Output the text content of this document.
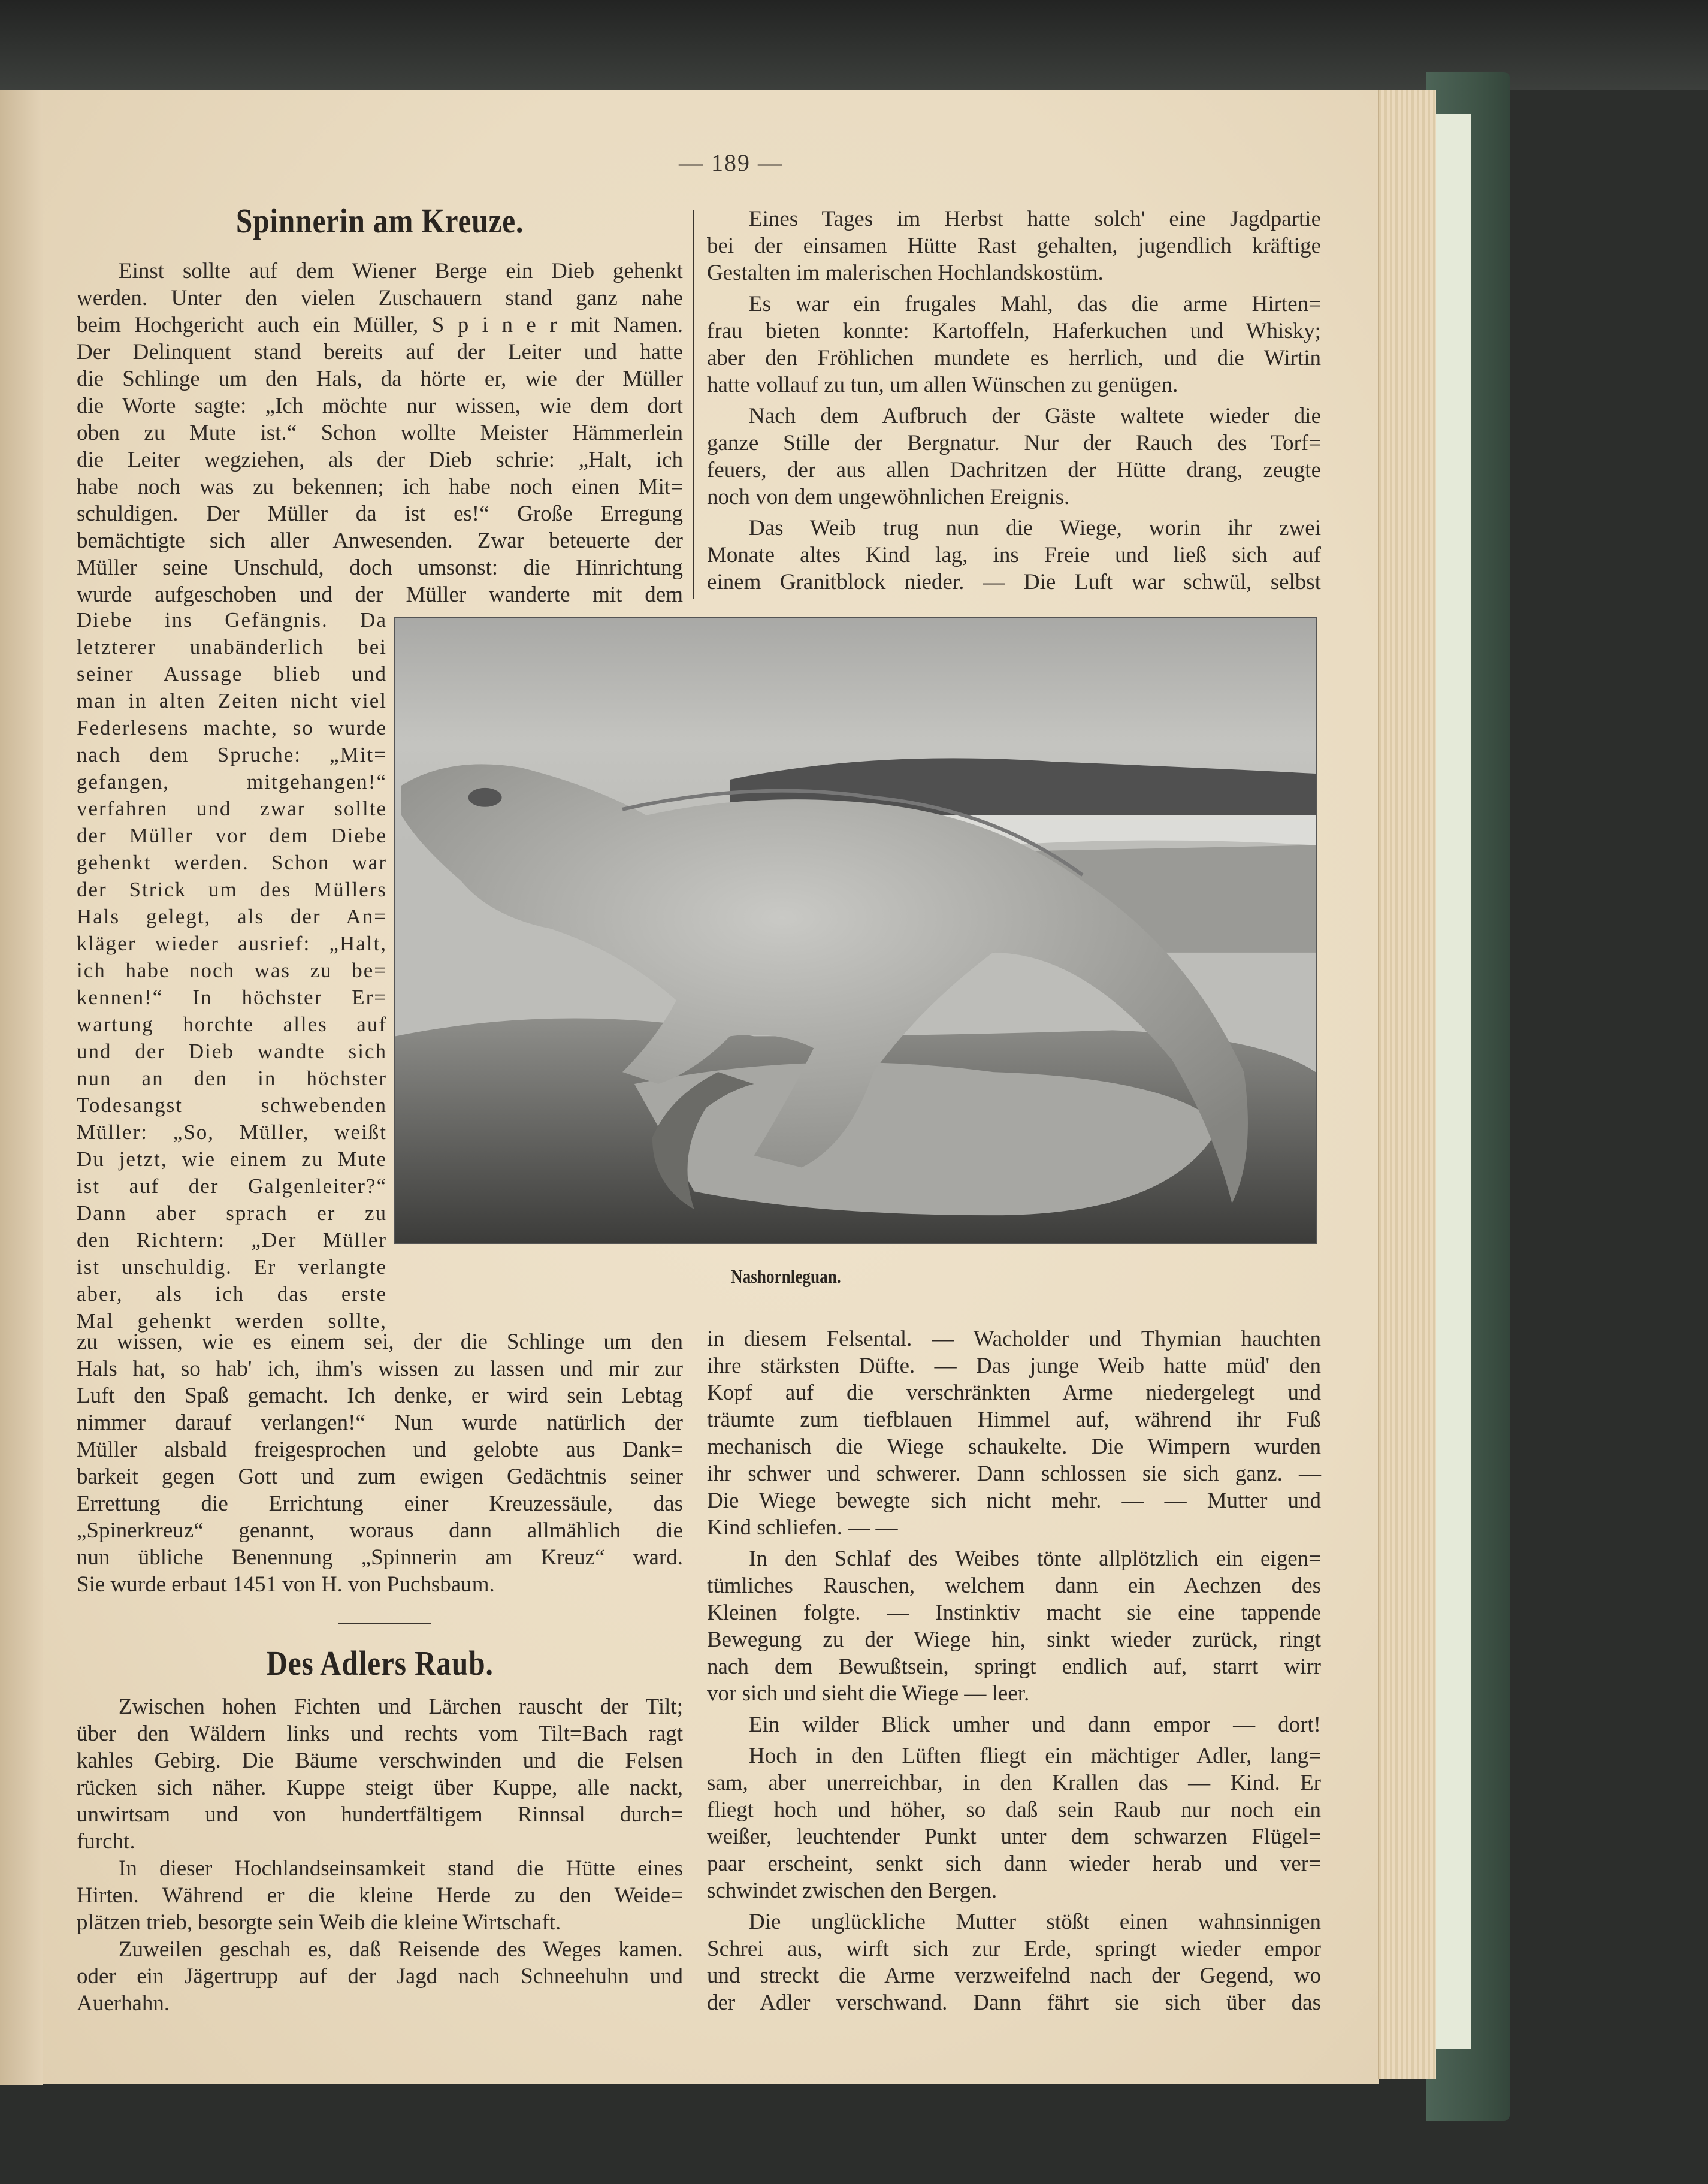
— 189 —
Spinnerin am Kreuze.
Einst sollte auf dem Wiener Berge ein Dieb gehenkt
werden. Unter den vielen Zuschauern stand ganz nahe
beim Hochgericht auch ein Müller, S p i n e r mit Namen.
Der Delinquent stand bereits auf der Leiter und hatte
die Schlinge um den Hals, da hörte er, wie der Müller
die Worte sagte: „Ich möchte nur wissen, wie dem dort
oben zu Mute ist.“ Schon wollte Meister Hämmerlein
die Leiter wegziehen, als der Dieb schrie: „Halt, ich
habe noch was zu bekennen; ich habe noch einen Mit=
schuldigen. Der Müller da ist es!“ Große Erregung
bemächtigte sich aller Anwesenden. Zwar beteuerte der
Müller seine Unschuld, doch umsonst: die Hinrichtung
wurde aufgeschoben und der Müller wanderte mit dem
Diebe ins Gefängnis. Da
letzterer unabänderlich bei
seiner Aussage blieb und
man in alten Zeiten nicht viel
Federlesens machte, so wurde
nach dem Spruche: „Mit=
gefangen, mitgehangen!“
verfahren und zwar sollte
der Müller vor dem Diebe
gehenkt werden. Schon war
der Strick um des Müllers
Hals gelegt, als der An=
kläger wieder ausrief: „Halt,
ich habe noch was zu be=
kennen!“ In höchster Er=
wartung horchte alles auf
und der Dieb wandte sich
nun an den in höchster
Todesangst schwebenden
Müller: „So, Müller, weißt
Du jetzt, wie einem zu Mute
ist auf der Galgenleiter?“
Dann aber sprach er zu
den Richtern: „Der Müller
ist unschuldig. Er verlangte
aber, als ich das erste
Mal gehenkt werden sollte,
zu wissen, wie es einem sei, der die Schlinge um den
Hals hat, so hab' ich, ihm's wissen zu lassen und mir zur
Luft den Spaß gemacht. Ich denke, er wird sein Lebtag
nimmer darauf verlangen!“ Nun wurde natürlich der
Müller alsbald freigesprochen und gelobte aus Dank=
barkeit gegen Gott und zum ewigen Gedächtnis seiner
Errettung die Errichtung einer Kreuzessäule, das
„Spinerkreuz“ genannt, woraus dann allmählich die
nun übliche Benennung „Spinnerin am Kreuz“ ward.
Sie wurde erbaut 1451 von H. von Puchsbaum.
Des Adlers Raub.
Zwischen hohen Fichten und Lärchen rauscht der Tilt;
über den Wäldern links und rechts vom Tilt=Bach ragt
kahles Gebirg. Die Bäume verschwinden und die Felsen
rücken sich näher. Kuppe steigt über Kuppe, alle nackt,
unwirtsam und von hundertfältigem Rinnsal durch=
furcht.
In dieser Hochlandseinsamkeit stand die Hütte eines
Hirten. Während er die kleine Herde zu den Weide=
plätzen trieb, besorgte sein Weib die kleine Wirtschaft.
Zuweilen geschah es, daß Reisende des Weges kamen.
oder ein Jägertrupp auf der Jagd nach Schneehuhn und
Auerhahn.
Eines Tages im Herbst hatte solch' eine Jagdpartie
bei der einsamen Hütte Rast gehalten, jugendlich kräftige
Gestalten im malerischen Hochlandskostüm.
Es war ein frugales Mahl, das die arme Hirten=
frau bieten konnte: Kartoffeln, Haferkuchen und Whisky;
aber den Fröhlichen mundete es herrlich, und die Wirtin
hatte vollauf zu tun, um allen Wünschen zu genügen.
Nach dem Aufbruch der Gäste waltete wieder die
ganze Stille der Bergnatur. Nur der Rauch des Torf=
feuers, der aus allen Dachritzen der Hütte drang, zeugte
noch von dem ungewöhnlichen Ereignis.
Das Weib trug nun die Wiege, worin ihr zwei
Monate altes Kind lag, ins Freie und ließ sich auf
einem Granitblock nieder. — Die Luft war schwül, selbst
Nashornleguan.
in diesem Felsental. — Wacholder und Thymian hauchten
ihre stärksten Düfte. — Das junge Weib hatte müd' den
Kopf auf die verschränkten Arme niedergelegt und
träumte zum tiefblauen Himmel auf, während ihr Fuß
mechanisch die Wiege schaukelte. Die Wimpern wurden
ihr schwer und schwerer. Dann schlossen sie sich ganz. —
Die Wiege bewegte sich nicht mehr. — — Mutter und
Kind schliefen. — —
In den Schlaf des Weibes tönte allplötzlich ein eigen=
tümliches Rauschen, welchem dann ein Aechzen des
Kleinen folgte. — Instinktiv macht sie eine tappende
Bewegung zu der Wiege hin, sinkt wieder zurück, ringt
nach dem Bewußtsein, springt endlich auf, starrt wirr
vor sich und sieht die Wiege — leer.
Ein wilder Blick umher und dann empor — dort!
Hoch in den Lüften fliegt ein mächtiger Adler, lang=
sam, aber unerreichbar, in den Krallen das — Kind. Er
fliegt hoch und höher, so daß sein Raub nur noch ein
weißer, leuchtender Punkt unter dem schwarzen Flügel=
paar erscheint, senkt sich dann wieder herab und ver=
schwindet zwischen den Bergen.
Die unglückliche Mutter stößt einen wahnsinnigen
Schrei aus, wirft sich zur Erde, springt wieder empor
und streckt die Arme verzweifelnd nach der Gegend, wo
der Adler verschwand. Dann fährt sie sich über das
